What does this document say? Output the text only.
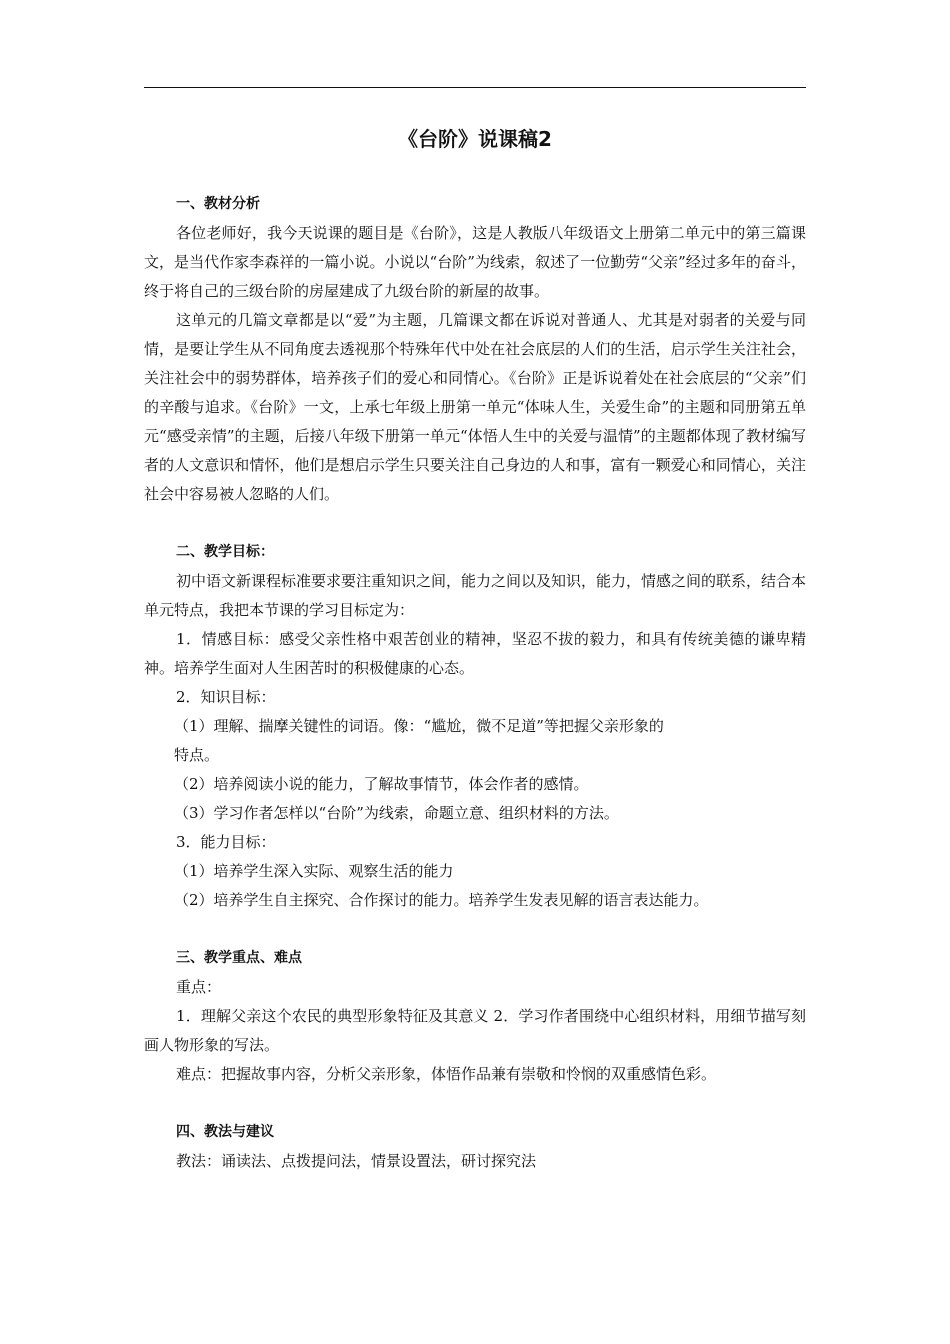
《台阶》说课稿2

一、教材分析

各位老师好，我今天说课的题目是《台阶》，这是人教版八年级语文上册第二单元中的第三篇课文，是当代作家李森祥的一篇小说。小说以“台阶”为线索，叙述了一位勤劳“父亲”经过多年的奋斗，终于将自己的三级台阶的房屋建成了九级台阶的新屋的故事。

这单元的几篇文章都是以“爱”为主题，几篇课文都在诉说对普通人、尤其是对弱者的关爱与同情，是要让学生从不同角度去透视那个特殊年代中处在社会底层的人们的生活，启示学生关注社会，关注社会中的弱势群体，培养孩子们的爱心和同情心。《台阶》正是诉说着处在社会底层的“父亲”们的辛酸与追求。《台阶》一文，上承七年级上册第一单元“体味人生，关爱生命”的主题和同册第五单元“感受亲情”的主题，后接八年级下册第一单元“体悟人生中的关爱与温情”的主题都体现了教材编写者的人文意识和情怀，他们是想启示学生只要关注自己身边的人和事，富有一颗爱心和同情心，关注社会中容易被人忽略的人们。

二、教学目标：

初中语文新课程标准要求要注重知识之间，能力之间以及知识，能力，情感之间的联系，结合本单元特点，我把本节课的学习目标定为：

1．情感目标：感受父亲性格中艰苦创业的精神，坚忍不拔的毅力，和具有传统美德的谦卑精神。培养学生面对人生困苦时的积极健康的心态。

2．知识目标：

（1）理解、揣摩关键性的词语。像：“尴尬，微不足道”等把握父亲形象的

特点。

（2）培养阅读小说的能力，了解故事情节，体会作者的感情。

（3）学习作者怎样以“台阶”为线索，命题立意、组织材料的方法。

3．能力目标：

（1）培养学生深入实际、观察生活的能力

（2）培养学生自主探究、合作探讨的能力。培养学生发表见解的语言表达能力。

三、教学重点、难点

重点：

1．理解父亲这个农民的典型形象特征及其意义 2．学习作者围绕中心组织材料，用细节描写刻画人物形象的写法。

难点：把握故事内容，分析父亲形象，体悟作品兼有崇敬和怜悯的双重感情色彩。

四、教法与建议

教法：诵读法、点拨提问法，情景设置法，研讨探究法
